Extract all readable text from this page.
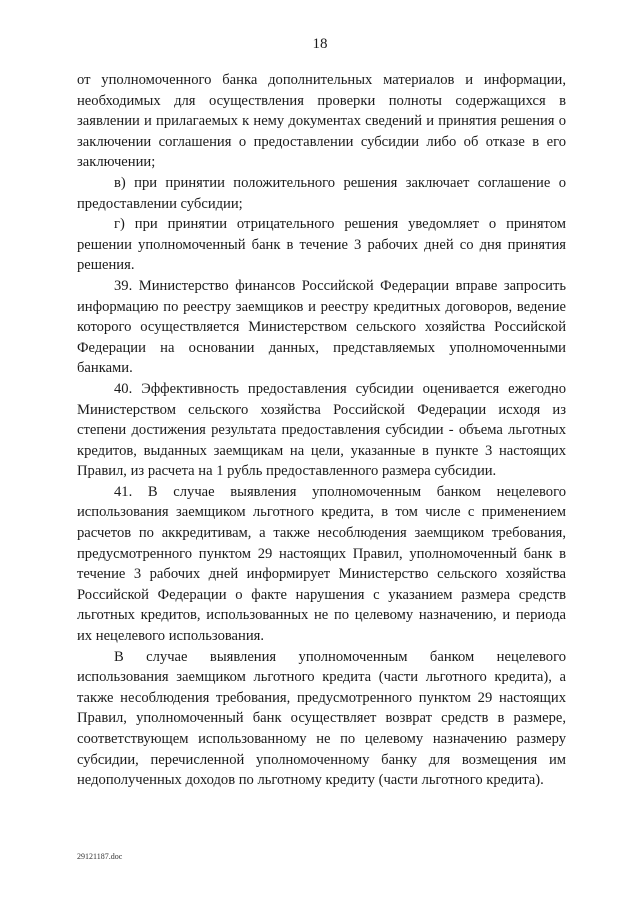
18

от уполномоченного банка дополнительных материалов и информации, необходимых для осуществления проверки полноты содержащихся в заявлении и прилагаемых к нему документах сведений и принятия решения о заключении соглашения о предоставлении субсидии либо об отказе в его заключении;

в) при принятии положительного решения заключает соглашение о предоставлении субсидии;

г) при принятии отрицательного решения уведомляет о принятом решении уполномоченный банк в течение 3 рабочих дней со дня принятия решения.

39. Министерство финансов Российской Федерации вправе запросить информацию по реестру заемщиков и реестру кредитных договоров, ведение которого осуществляется Министерством сельского хозяйства Российской Федерации на основании данных, представляемых уполномоченными банками.

40. Эффективность предоставления субсидии оценивается ежегодно Министерством сельского хозяйства Российской Федерации исходя из степени достижения результата предоставления субсидии - объема льготных кредитов, выданных заемщикам на цели, указанные в пункте 3 настоящих Правил, из расчета на 1 рубль предоставленного размера субсидии.

41. В случае выявления уполномоченным банком нецелевого использования заемщиком льготного кредита, в том числе с применением расчетов по аккредитивам, а также несоблюдения заемщиком требования, предусмотренного пунктом 29 настоящих Правил, уполномоченный банк в течение 3 рабочих дней информирует Министерство сельского хозяйства Российской Федерации о факте нарушения с указанием размера средств льготных кредитов, использованных не по целевому назначению, и периода их нецелевого использования.

В случае выявления уполномоченным банком нецелевого использования заемщиком льготного кредита (части льготного кредита), а также несоблюдения требования, предусмотренного пунктом 29 настоящих Правил, уполномоченный банк осуществляет возврат средств в размере, соответствующем использованному не по целевому назначению размеру субсидии, перечисленной уполномоченному банку для возмещения им недополученных доходов по льготному кредиту (части льготного кредита).

29121187.doc
